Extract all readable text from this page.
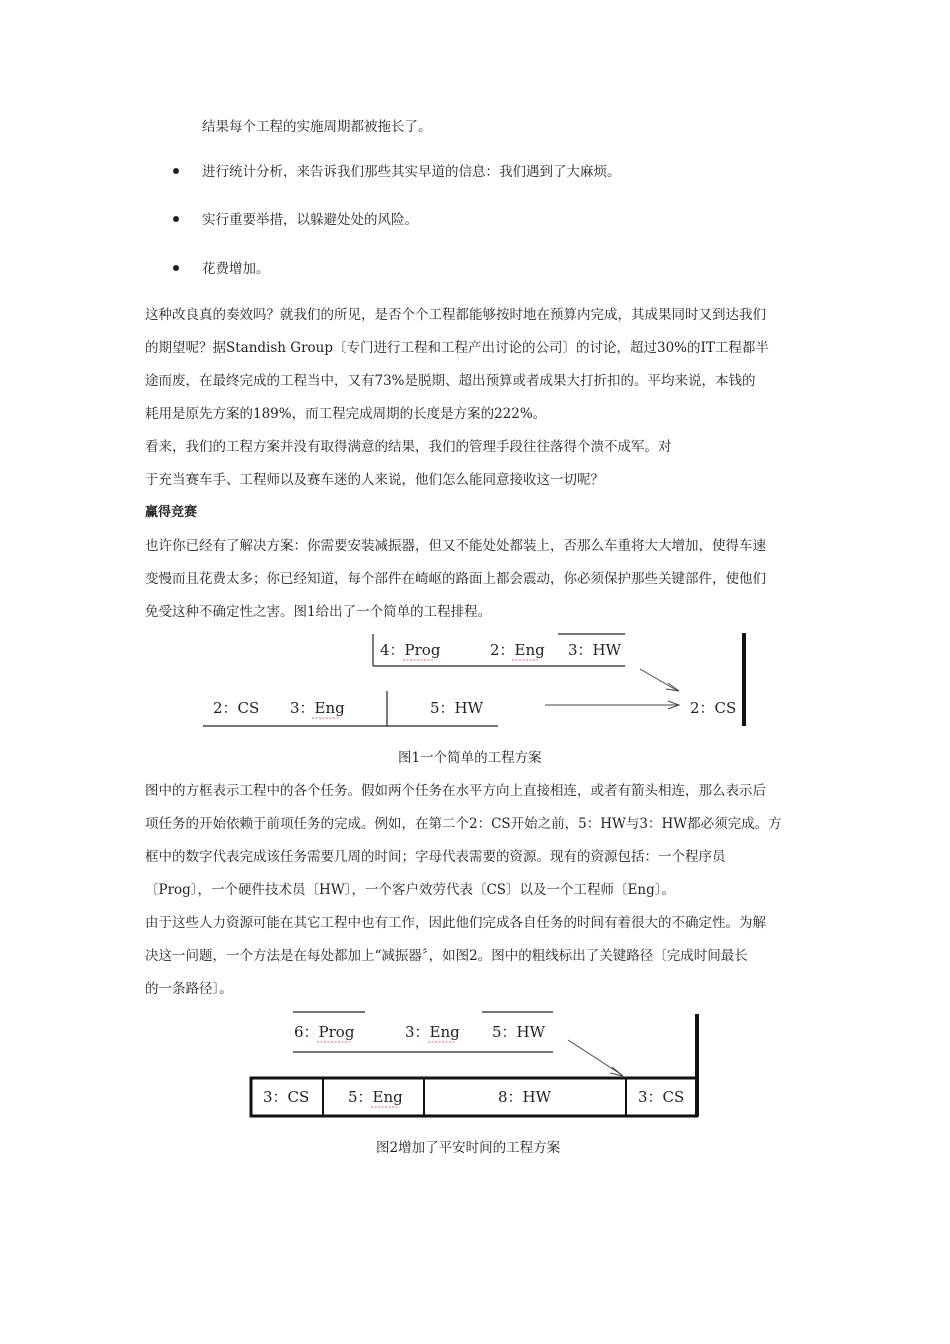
结果每个工程的实施周期都被拖长了。
进行统计分析，来告诉我们那些其实早道的信息：我们遇到了大麻烦。
实行重要举措，以躲避处处的风险。
花费增加。
这种改良真的奏效吗？就我们的所见，是否个个工程都能够按时地在预算内完成，其成果同时又到达我们
的期望呢？据Standish Group〔专门进行工程和工程产出讨论的公司〕的讨论，超过30%的IT工程都半
途而废，在最终完成的工程当中，又有73%是脱期、超出预算或者成果大打折扣的。平均来说，本钱的
耗用是原先方案的189%，而工程完成周期的长度是方案的222%。
看来，我们的工程方案并没有取得满意的结果，我们的管理手段往往落得个溃不成军。对
于充当赛车手、工程师以及赛车迷的人来说，他们怎么能同意接收这一切呢？
赢得竞赛
也许你已经有了解决方案：你需要安装减振器，但又不能处处都装上，否那么车重将大大增加，使得车速
变慢而且花费太多；你已经知道，每个部件在崎岖的路面上都会震动，你必须保护那些关键部件，使他们
免受这种不确定性之害。图1给出了一个简单的工程排程。
4：Prog	2：Eng 3：HW
2：CS 3：Eng	5：HW	2：CS
图1一个简单的工程方案
图中的方框表示工程中的各个任务。假如两个任务在水平方向上直接相连，或者有箭头相连，那么表示后
项任务的开始依赖于前项任务的完成。例如，在第二个2：CS开始之前，5：HW与3：HW都必须完成。方
框中的数字代表完成该任务需要几周的时间；字母代表需要的资源。现有的资源包括：一个程序员
〔Prog〕，一个硬件技术员〔HW〕，一个客户效劳代表〔CS〕以及一个工程师〔Eng〕。
由于这些人力资源可能在其它工程中也有工作，因此他们完成各自任务的时间有着很大的不确定性。为解
决这一问题，一个方法是在每处都加上“减振器〞，如图2。图中的粗线标出了关键路径〔完成时间最长
的一条路径〕。
6：Prog	3：Eng 5：HW
3：CS	5：Eng	8：HW	3：CS
图2增加了平安时间的工程方案
